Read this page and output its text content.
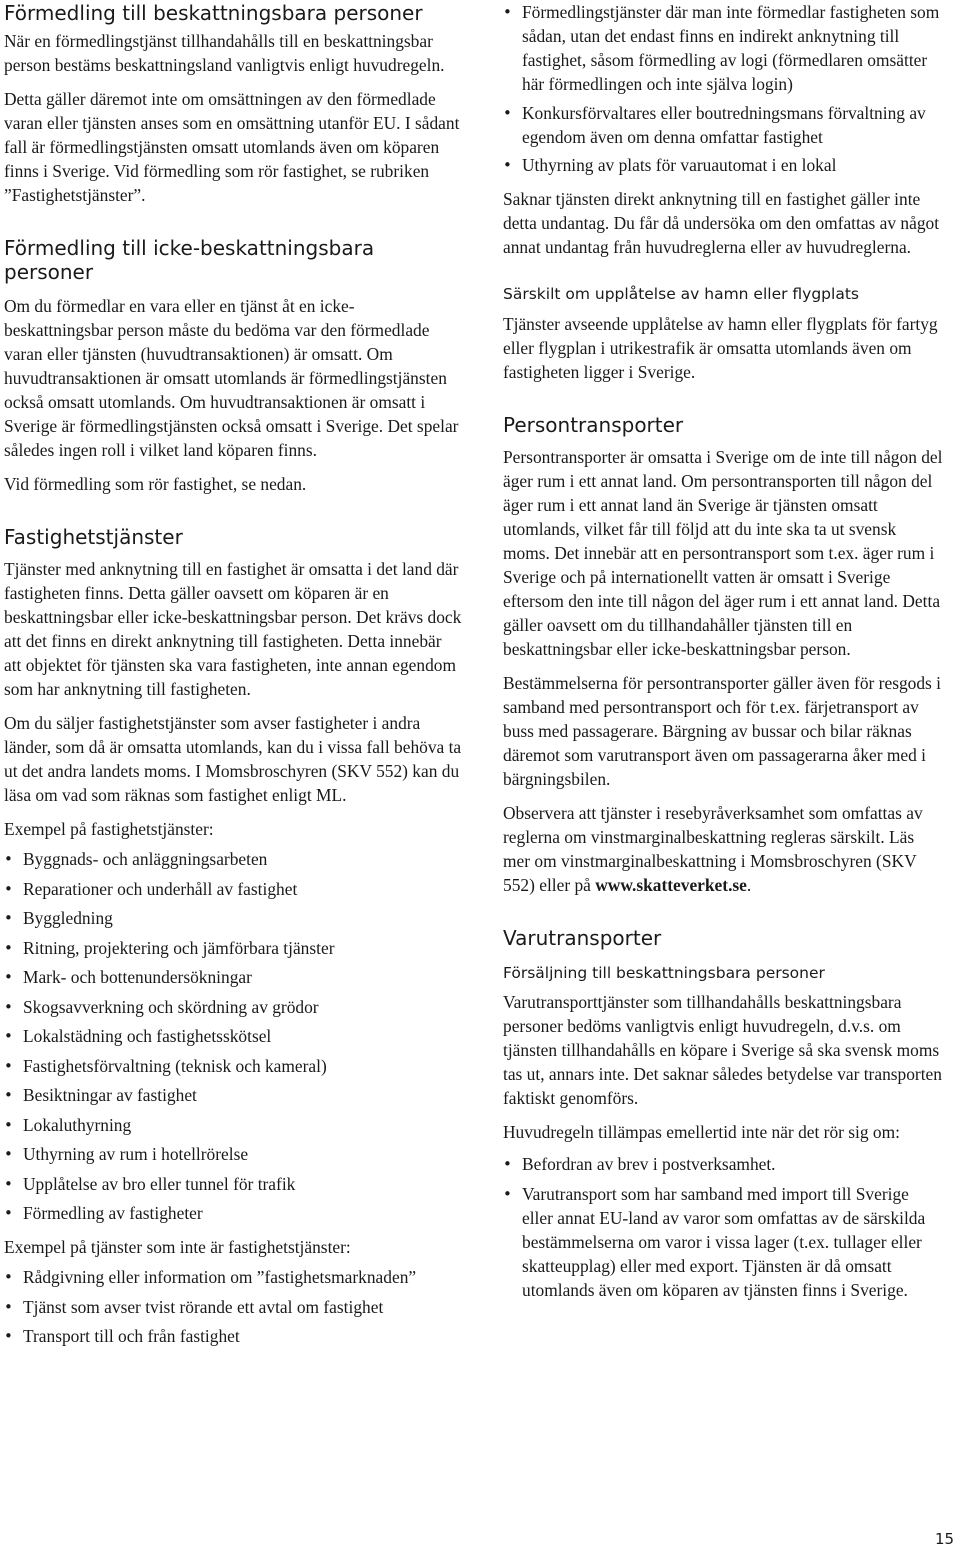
Förmedling till beskattningsbara personer

När en förmedlingstjänst tillhandahålls till en beskattningsbar person bestäms beskattningsland vanligtvis enligt huvudregeln.

Detta gäller däremot inte om omsättningen av den förmedlade varan eller tjänsten anses som en omsättning utanför EU. I sådant fall är förmedlingstjänsten omsatt utomlands även om köparen finns i Sverige. Vid förmedling som rör fastighet, se rubriken ”Fastighetstjänster”.

Förmedling till icke-beskattningsbara personer

Om du förmedlar en vara eller en tjänst åt en icke-beskattningsbar person måste du bedöma var den förmedlade varan eller tjänsten (huvudtransaktionen) är omsatt. Om huvudtransaktionen är omsatt utomlands är förmedlingstjänsten också omsatt utomlands. Om huvudtransaktionen är omsatt i Sverige är förmedlingstjänsten också omsatt i Sverige. Det spelar således ingen roll i vilket land köparen finns.

Vid förmedling som rör fastighet, se nedan.

Fastighetstjänster

Tjänster med anknytning till en fastighet är omsatta i det land där fastigheten finns. Detta gäller oavsett om köparen är en beskattningsbar eller icke-beskattningsbar person. Det krävs dock att det finns en direkt anknytning till fastigheten. Detta innebär att objektet för tjänsten ska vara fastigheten, inte annan egendom som har anknytning till fastigheten.

Om du säljer fastighetstjänster som avser fastigheter i andra länder, som då är omsatta utomlands, kan du i vissa fall behöva ta ut det andra landets moms. I Momsbroschyren (SKV 552) kan du läsa om vad som räknas som fastighet enligt ML.

Exempel på fastighetstjänster:

• Byggnads- och anläggningsarbeten
• Reparationer och underhåll av fastighet
• Byggledning
• Ritning, projektering och jämförbara tjänster
• Mark- och bottenundersökningar
• Skogsavverkning och skördning av grödor
• Lokalstädning och fastighetsskötsel
• Fastighetsförvaltning (teknisk och kameral)
• Besiktningar av fastighet
• Lokaluthyrning
• Uthyrning av rum i hotellrörelse
• Upplåtelse av bro eller tunnel för trafik
• Förmedling av fastigheter

Exempel på tjänster som inte är fastighetstjänster:

• Rådgivning eller information om ”fastighetsmarknaden”
• Tjänst som avser tvist rörande ett avtal om fastighet
• Transport till och från fastighet
• Förmedlingstjänster där man inte förmedlar fastigheten som sådan, utan det endast finns en indirekt anknytning till fastighet, såsom förmedling av logi (förmedlaren omsätter här förmedlingen och inte själva login)
• Konkursförvaltares eller boutredningsmans förvaltning av egendom även om denna omfattar fastighet
• Uthyrning av plats för varuautomat i en lokal

Saknar tjänsten direkt anknytning till en fastighet gäller inte detta undantag. Du får då undersöka om den omfattas av något annat undantag från huvudreglerna eller av huvudreglerna.

Särskilt om upplåtelse av hamn eller flygplats

Tjänster avseende upplåtelse av hamn eller flygplats för fartyg eller flygplan i utrikestrafik är omsatta utomlands även om fastigheten ligger i Sverige.

Persontransporter

Persontransporter är omsatta i Sverige om de inte till någon del äger rum i ett annat land. Om persontransporten till någon del äger rum i ett annat land än Sverige är tjänsten omsatt utomlands, vilket får till följd att du inte ska ta ut svensk moms. Det innebär att en persontransport som t.ex. äger rum i Sverige och på internationellt vatten är omsatt i Sverige eftersom den inte till någon del äger rum i ett annat land. Detta gäller oavsett om du tillhandahåller tjänsten till en beskattningsbar eller icke-beskattningsbar person.

Bestämmelserna för persontransporter gäller även för resgods i samband med persontransport och för t.ex. färjetransport av buss med passagerare. Bärgning av bussar och bilar räknas däremot som varutransport även om passagerarna åker med i bärgningsbilen.

Observera att tjänster i resebyråverksamhet som omfattas av reglerna om vinstmarginalbeskattning regleras särskilt. Läs mer om vinstmarginalbeskattning i Momsbroschyren (SKV 552) eller på www.skatteverket.se.

Varutransporter
Försäljning till beskattningsbara personer

Varutransporttjänster som tillhandahålls beskattningsbara personer bedöms vanligtvis enligt huvudregeln, d.v.s. om tjänsten tillhandahålls en köpare i Sverige så ska svensk moms tas ut, annars inte. Det saknar således betydelse var transporten faktiskt genomförs.

Huvudregeln tillämpas emellertid inte när det rör sig om:

• Befordran av brev i postverksamhet.
• Varutransport som har samband med import till Sverige eller annat EU-land av varor som omfattas av de särskilda bestämmelserna om varor i vissa lager (t.ex. tullager eller skatteupplag) eller med export. Tjänsten är då omsatt utomlands även om köparen av tjänsten finns i Sverige.
15
